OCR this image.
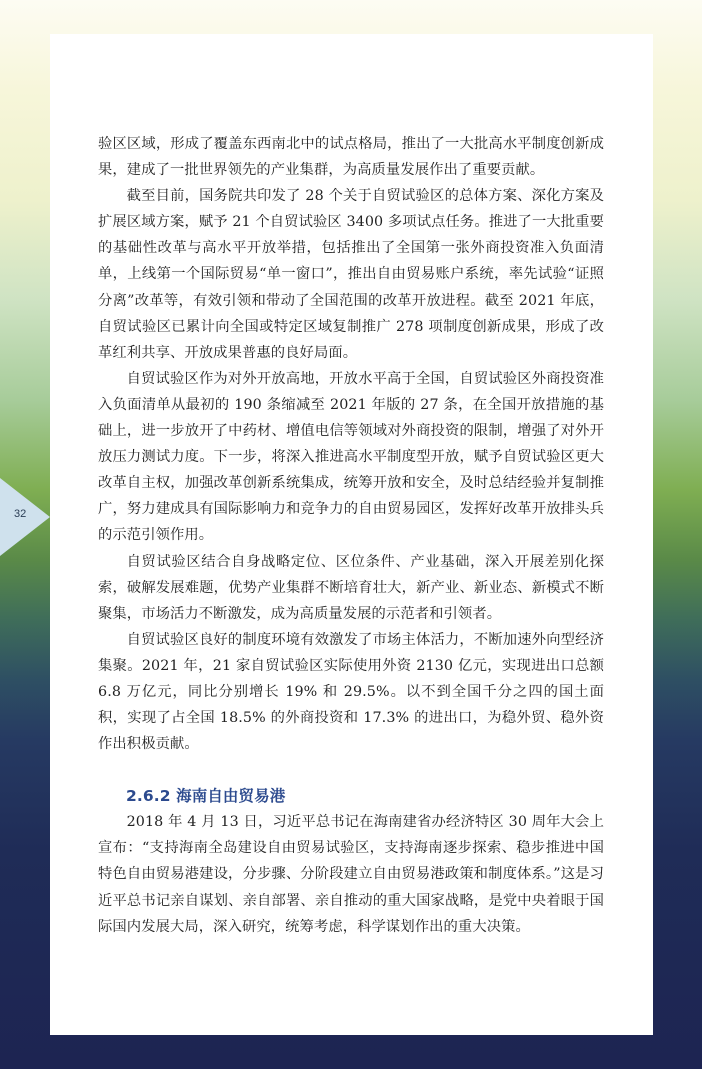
32

验区区域，形成了覆盖东西南北中的试点格局，推出了一大批高水平制度创新成果，建成了一批世界领先的产业集群，为高质量发展作出了重要贡献。

截至目前，国务院共印发了 28 个关于自贸试验区的总体方案、深化方案及扩展区域方案，赋予 21 个自贸试验区 3400 多项试点任务。推进了一大批重要的基础性改革与高水平开放举措，包括推出了全国第一张外商投资准入负面清单，上线第一个国际贸易“单一窗口”，推出自由贸易账户系统，率先试验“证照分离”改革等，有效引领和带动了全国范围的改革开放进程。截至 2021 年底，自贸试验区已累计向全国或特定区域复制推广 278 项制度创新成果，形成了改革红利共享、开放成果普惠的良好局面。

自贸试验区作为对外开放高地，开放水平高于全国，自贸试验区外商投资准入负面清单从最初的 190 条缩减至 2021 年版的 27 条，在全国开放措施的基础上，进一步放开了中药材、增值电信等领域对外商投资的限制，增强了对外开放压力测试力度。下一步，将深入推进高水平制度型开放，赋予自贸试验区更大改革自主权，加强改革创新系统集成，统筹开放和安全，及时总结经验并复制推广，努力建成具有国际影响力和竞争力的自由贸易园区，发挥好改革开放排头兵的示范引领作用。

自贸试验区结合自身战略定位、区位条件、产业基础，深入开展差别化探索，破解发展难题，优势产业集群不断培育壮大，新产业、新业态、新模式不断聚集，市场活力不断激发，成为高质量发展的示范者和引领者。

自贸试验区良好的制度环境有效激发了市场主体活力，不断加速外向型经济集聚。2021 年，21 家自贸试验区实际使用外资 2130 亿元，实现进出口总额 6.8 万亿元，同比分别增长 19% 和 29.5%。以不到全国千分之四的国土面积，实现了占全国 18.5% 的外商投资和 17.3% 的进出口，为稳外贸、稳外资作出积极贡献。

2.6.2 海南自由贸易港

2018 年 4 月 13 日，习近平总书记在海南建省办经济特区 30 周年大会上宣布：“支持海南全岛建设自由贸易试验区，支持海南逐步探索、稳步推进中国特色自由贸易港建设，分步骤、分阶段建立自由贸易港政策和制度体系。”这是习近平总书记亲自谋划、亲自部署、亲自推动的重大国家战略，是党中央着眼于国际国内发展大局，深入研究，统筹考虑，科学谋划作出的重大决策。
